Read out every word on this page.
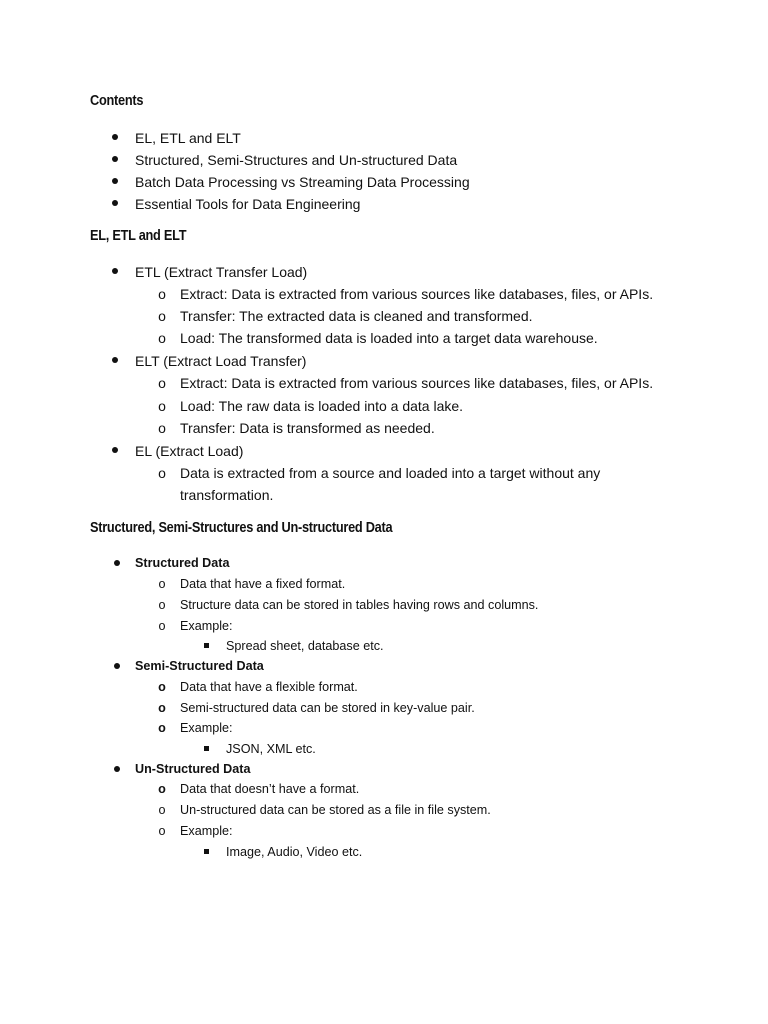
Contents
EL, ETL and ELT
Structured, Semi-Structures and Un-structured Data
Batch Data Processing vs Streaming Data Processing
Essential Tools for Data Engineering
EL, ETL and ELT
ETL (Extract Transfer Load)
o Extract: Data is extracted from various sources like databases, files, or APIs.
o Transfer: The extracted data is cleaned and transformed.
o Load: The transformed data is loaded into a target data warehouse.
ELT (Extract Load Transfer)
o Extract: Data is extracted from various sources like databases, files, or APIs.
o Load: The raw data is loaded into a data lake.
o Transfer: Data is transformed as needed.
EL (Extract Load)
o Data is extracted from a source and loaded into a target without any
transformation.
Structured, Semi-Structures and Un-structured Data
Structured Data
o Data that have a fixed format.
o Structure data can be stored in tables having rows and columns.
o Example:
Spread sheet, database etc.
Semi-Structured Data
o Data that have a flexible format.
o Semi-structured data can be stored in key-value pair.
o Example:
JSON, XML etc.
Un-Structured Data
o Data that doesn’t have a format.
o Un-structured data can be stored as a file in file system.
o Example:
Image, Audio, Video etc.
